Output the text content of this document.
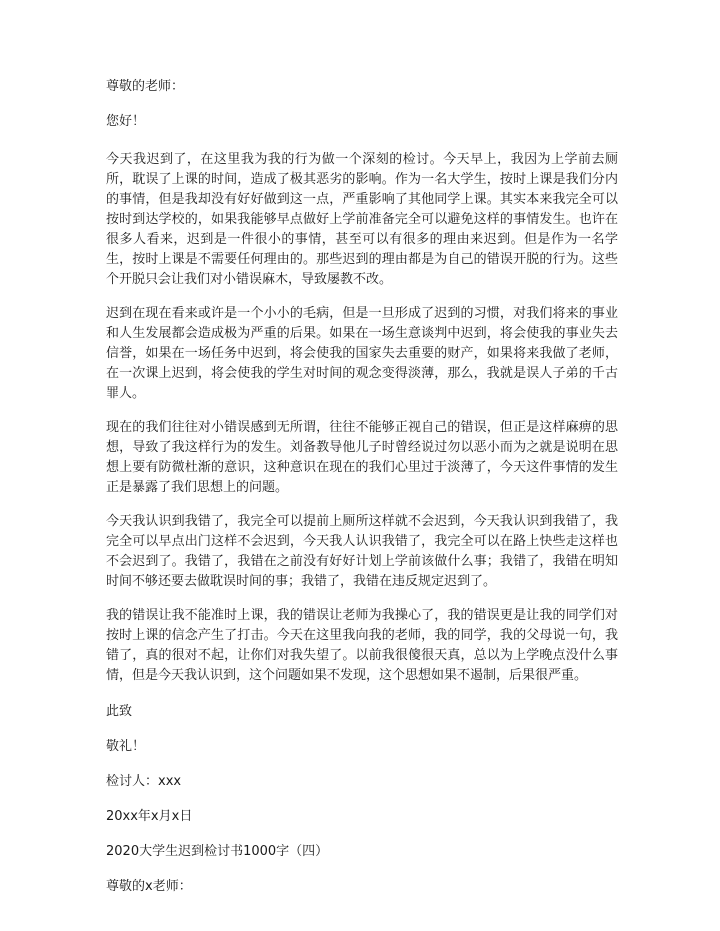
尊敬的老师：

您好！

今天我迟到了，在这里我为我的行为做一个深刻的检讨。今天早上，我因为上学前去厕所，耽误了上课的时间，造成了极其恶劣的影响。作为一名大学生，按时上课是我们分内的事情，但是我却没有好好做到这一点，严重影响了其他同学上课。其实本来我完全可以按时到达学校的，如果我能够早点做好上学前准备完全可以避免这样的事情发生。也许在很多人看来，迟到是一件很小的事情，甚至可以有很多的理由来迟到。但是作为一名学生，按时上课是不需要任何理由的。那些迟到的理由都是为自己的错误开脱的行为。这些个开脱只会让我们对小错误麻木，导致屡教不改。

迟到在现在看来或许是一个小小的毛病，但是一旦形成了迟到的习惯，对我们将来的事业和人生发展都会造成极为严重的后果。如果在一场生意谈判中迟到，将会使我的事业失去信誉，如果在一场任务中迟到，将会使我的国家失去重要的财产，如果将来我做了老师，在一次课上迟到，将会使我的学生对时间的观念变得淡薄，那么，我就是误人子弟的千古罪人。

现在的我们往往对小错误感到无所谓，往往不能够正视自己的错误，但正是这样麻痹的思想，导致了我这样行为的发生。刘备教导他儿子时曾经说过勿以恶小而为之就是说明在思想上要有防微杜渐的意识，这种意识在现在的我们心里过于淡薄了，今天这件事情的发生正是暴露了我们思想上的问题。

今天我认识到我错了，我完全可以提前上厕所这样就不会迟到，今天我认识到我错了，我完全可以早点出门这样不会迟到，今天我人认识我错了，我完全可以在路上快些走这样也不会迟到了。我错了，我错在之前没有好好计划上学前该做什么事；我错了，我错在明知时间不够还要去做耽误时间的事；我错了，我错在违反规定迟到了。

我的错误让我不能准时上课，我的错误让老师为我操心了，我的错误更是让我的同学们对按时上课的信念产生了打击。今天在这里我向我的老师，我的同学，我的父母说一句，我错了，真的很对不起，让你们对我失望了。以前我很傻很天真，总以为上学晚点没什么事情，但是今天我认识到，这个问题如果不发现，这个思想如果不遏制，后果很严重。

此致

敬礼！

检讨人：xxx

20xx年x月x日

2020大学生迟到检讨书1000字（四）

尊敬的x老师：
